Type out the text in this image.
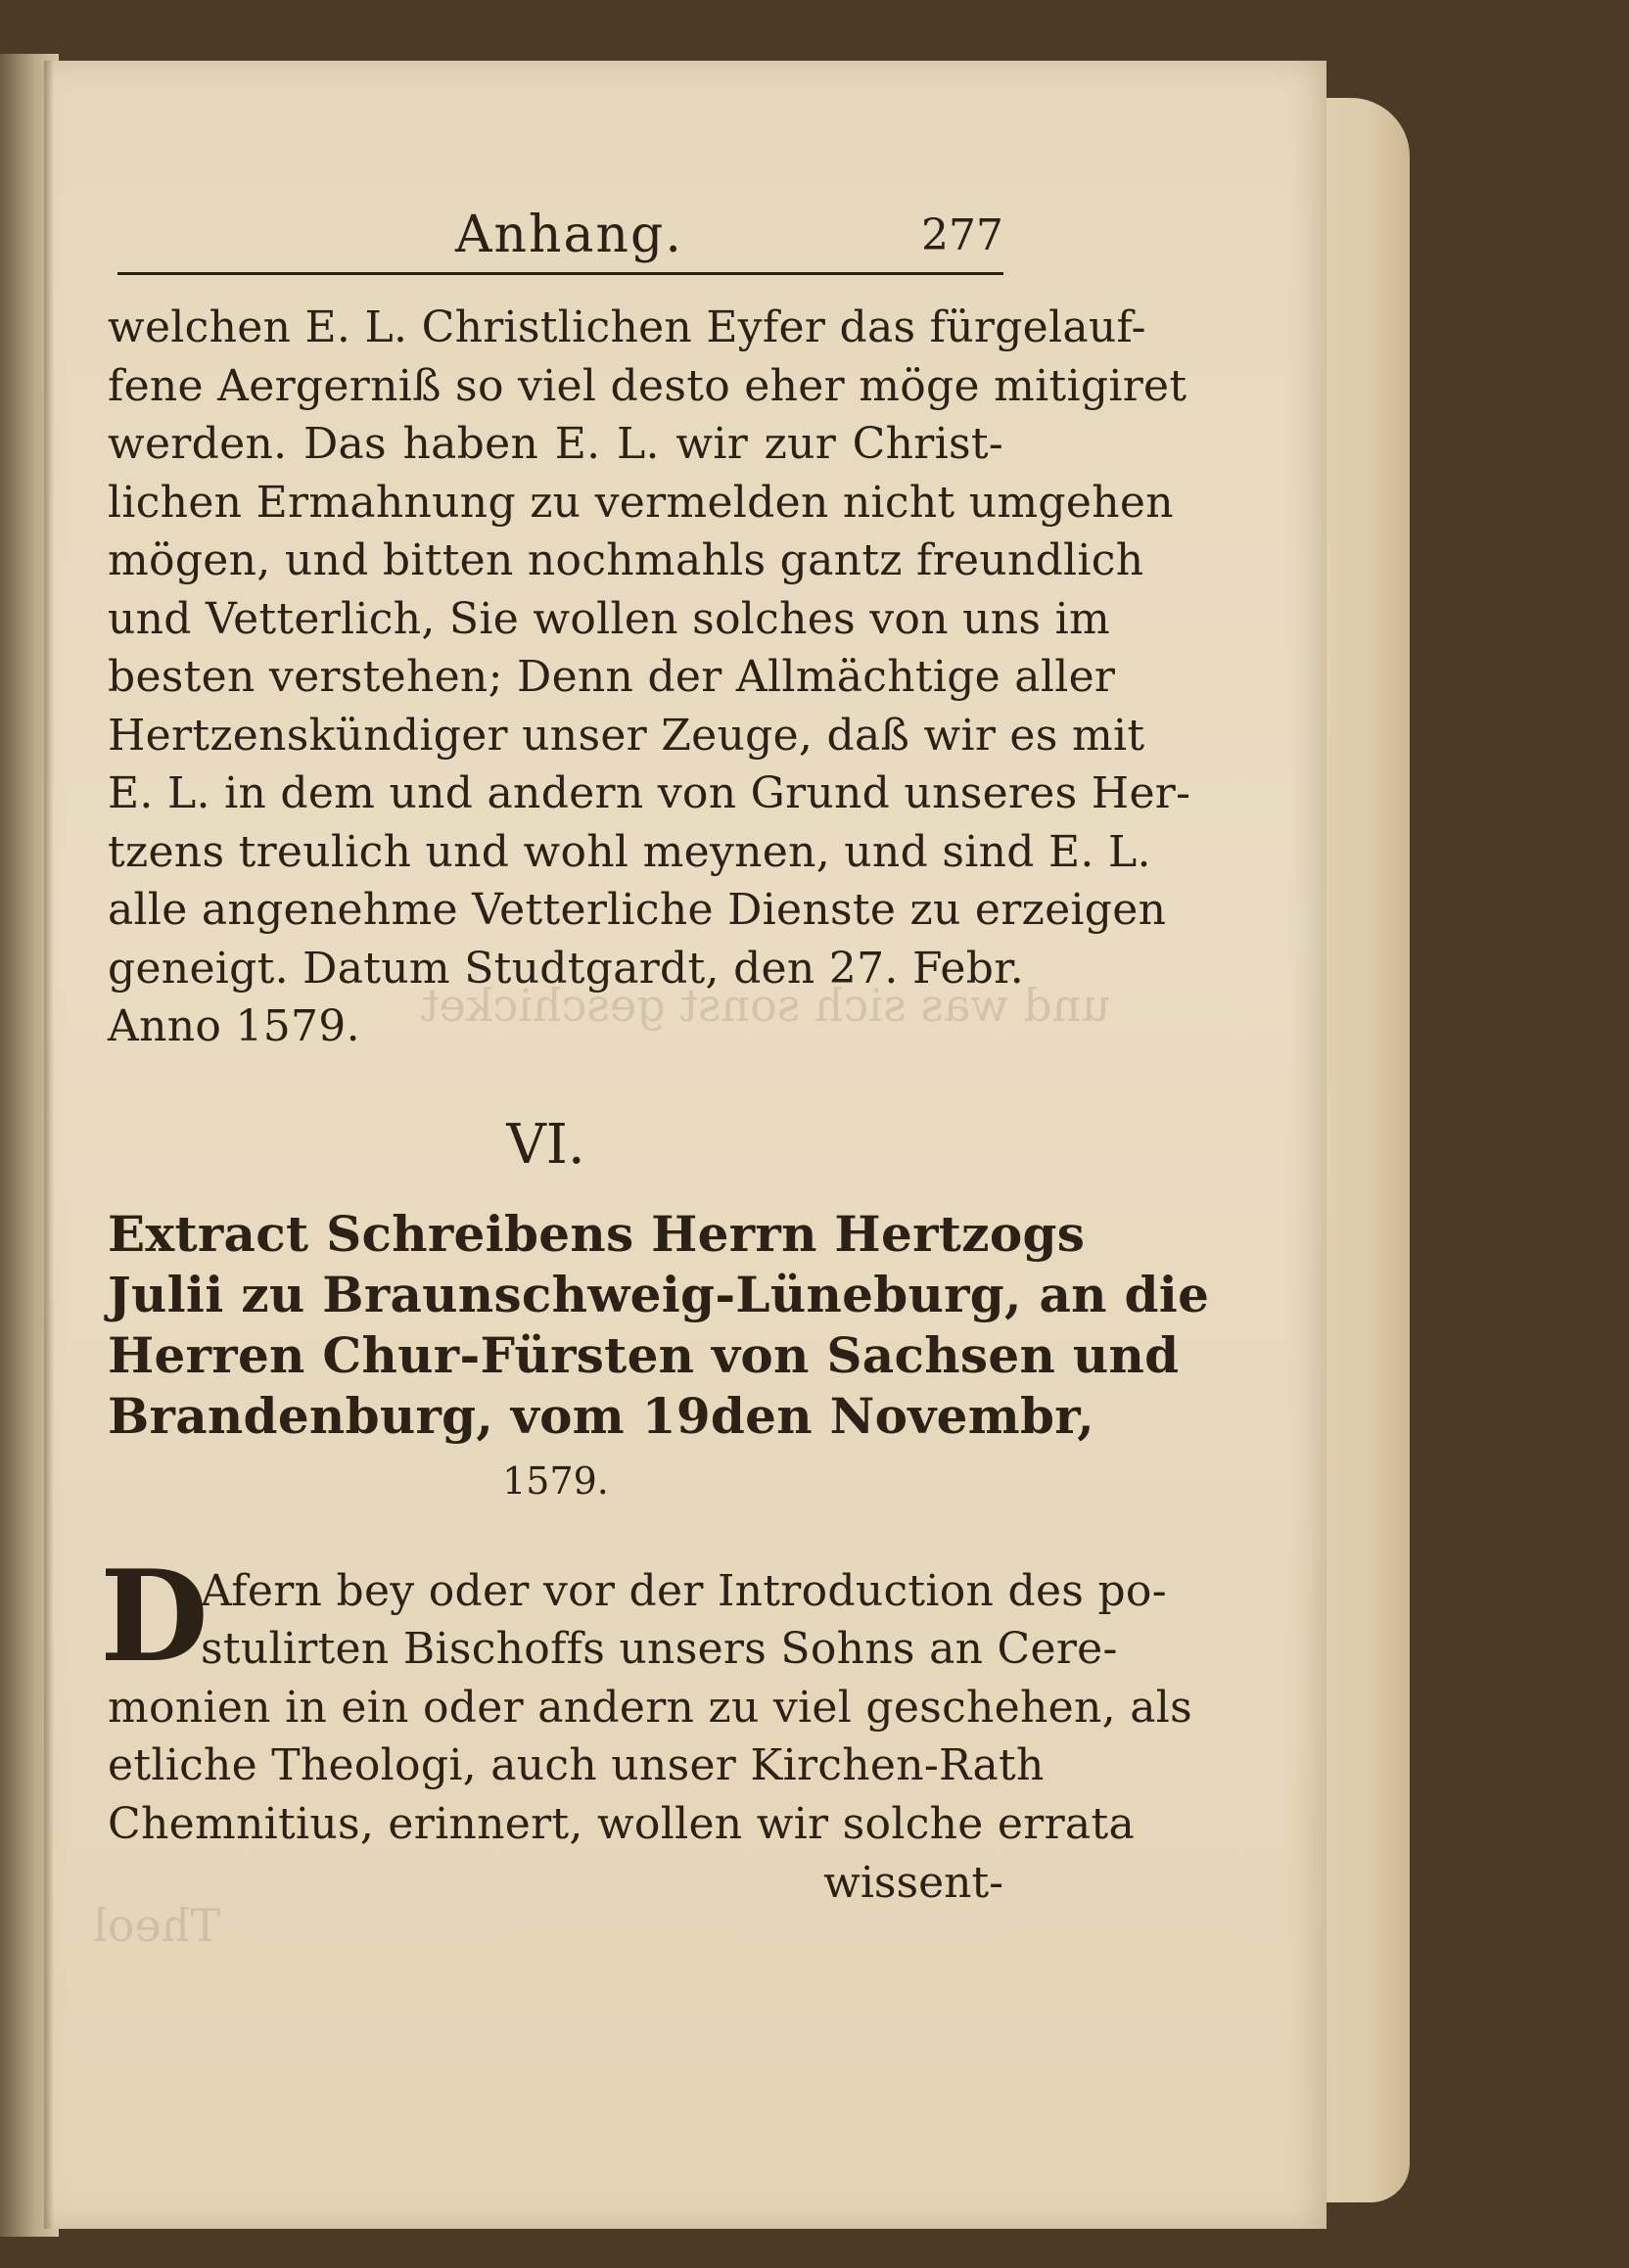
und was sich sonst geschicket
Theol
Anhang.	277
welchen E. L. Christlichen Eyfer das fürgelauf-
fene Aergerniß so viel desto eher möge mitigiret
werden. Das haben E. L. wir zur Christ-
lichen Ermahnung zu vermelden nicht umgehen
mögen, und bitten nochmahls gantz freundlich
und Vetterlich, Sie wollen solches von uns im
besten verstehen; Denn der Allmächtige aller
Hertzenskündiger unser Zeuge, daß wir es mit
E. L. in dem und andern von Grund unseres Her-
tzens treulich und wohl meynen, und sind E. L.
alle angenehme Vetterliche Dienste zu erzeigen
geneigt. Datum Studtgardt, den 27. Febr.
Anno 1579.
VI.
Extract Schreibens Herrn Hertzogs
Julii zu Braunschweig-Lüneburg, an die
Herren Chur-Fürsten von Sachsen und
Brandenburg, vom 19den Novembr,
1579.
D
Afern bey oder vor der Introduction des po-
stulirten Bischoffs unsers Sohns an Cere-
monien in ein oder andern zu viel geschehen, als
etliche Theologi, auch unser Kirchen-Rath
Chemnitius, erinnert, wollen wir solche errata
wissent-
